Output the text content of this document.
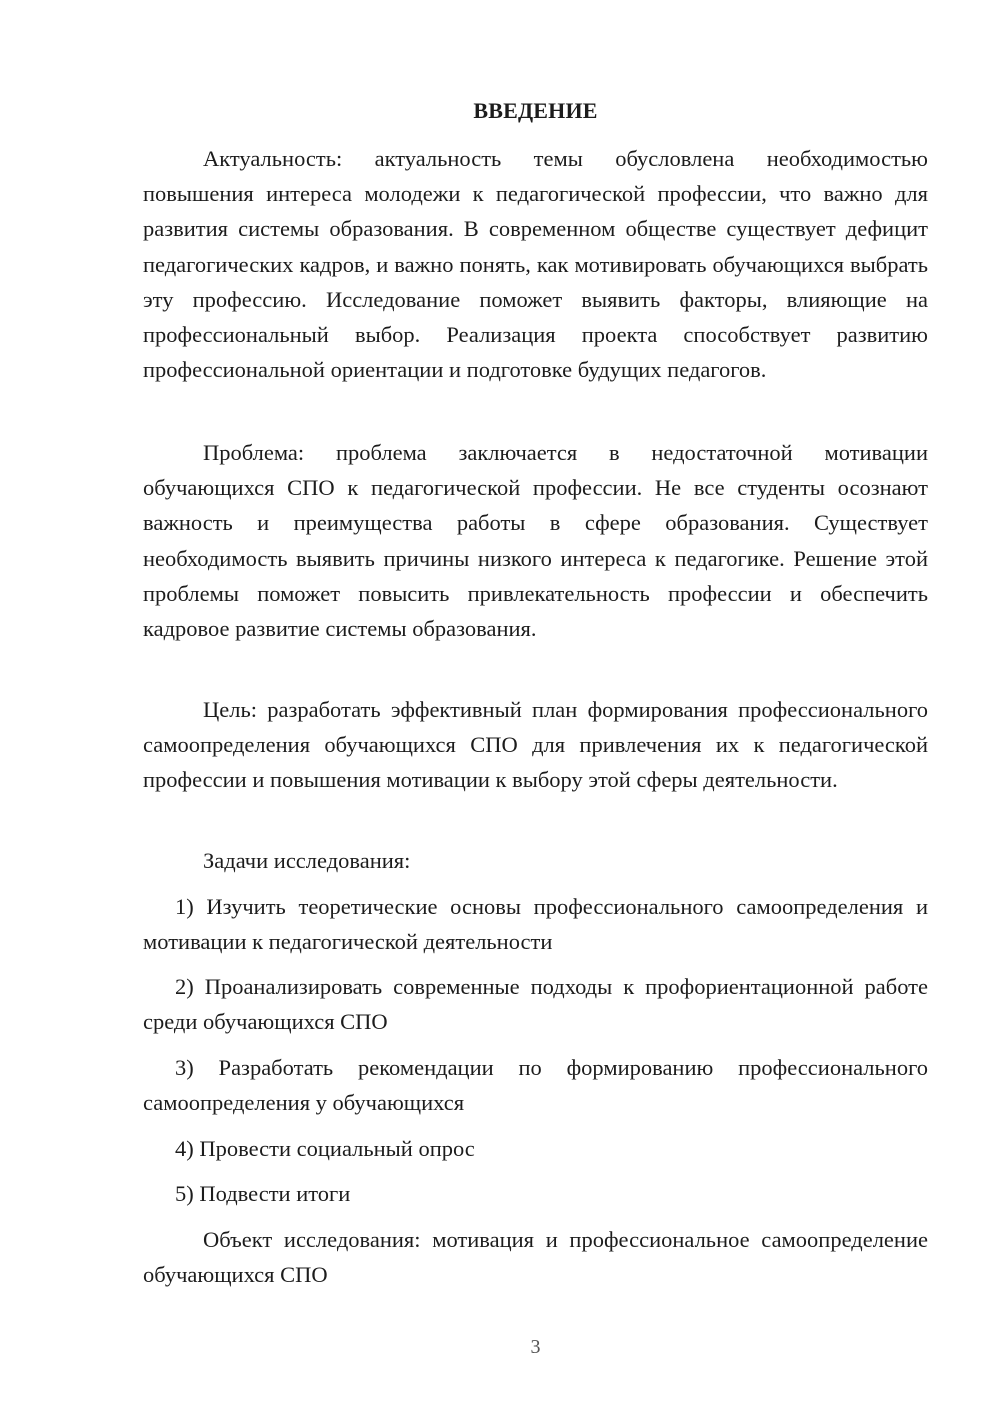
ВВЕДЕНИЕ

Актуальность: актуальность темы обусловлена необходимостью повышения интереса молодежи к педагогической профессии, что важно для развития системы образования. В современном обществе существует дефицит педагогических кадров, и важно понять, как мотивировать обучающихся выбрать эту профессию. Исследование поможет выявить факторы, влияющие на профессиональный выбор. Реализация проекта способствует развитию профессиональной ориентации и подготовке будущих педагогов.

Проблема: проблема заключается в недостаточной мотивации обучающихся СПО к педагогической профессии. Не все студенты осознают важность и преимущества работы в сфере образования. Существует необходимость выявить причины низкого интереса к педагогике. Решение этой проблемы поможет повысить привлекательность профессии и обеспечить кадровое развитие системы образования.

Цель: разработать эффективный план формирования профессионального самоопределения обучающихся СПО для привлечения их к педагогической профессии и повышения мотивации к выбору этой сферы деятельности.

Задачи исследования:

1) Изучить теоретические основы профессионального самоопределения и мотивации к педагогической деятельности

2) Проанализировать современные подходы к профориентационной работе среди обучающихся СПО

3) Разработать рекомендации по формированию профессионального самоопределения у обучающихся

4) Провести социальный опрос

5) Подвести итоги

Объект исследования: мотивация и профессиональное самоопределение обучающихся СПО

3
